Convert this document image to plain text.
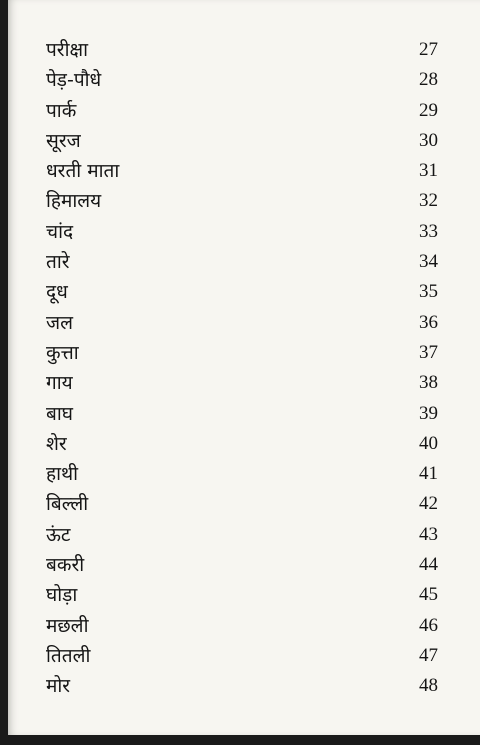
परीक्षा	27
पेड़-पौधे	28
पार्क	29
सूरज	30
धरती माता	31
हिमालय	32
चांद	33
तारे	34
दूध	35
जल	36
कुत्ता	37
गाय	38
बाघ	39
शेर	40
हाथी	41
बिल्ली	42
ऊंट	43
बकरी	44
घोड़ा	45
मछली	46
तितली	47
मोर	48
